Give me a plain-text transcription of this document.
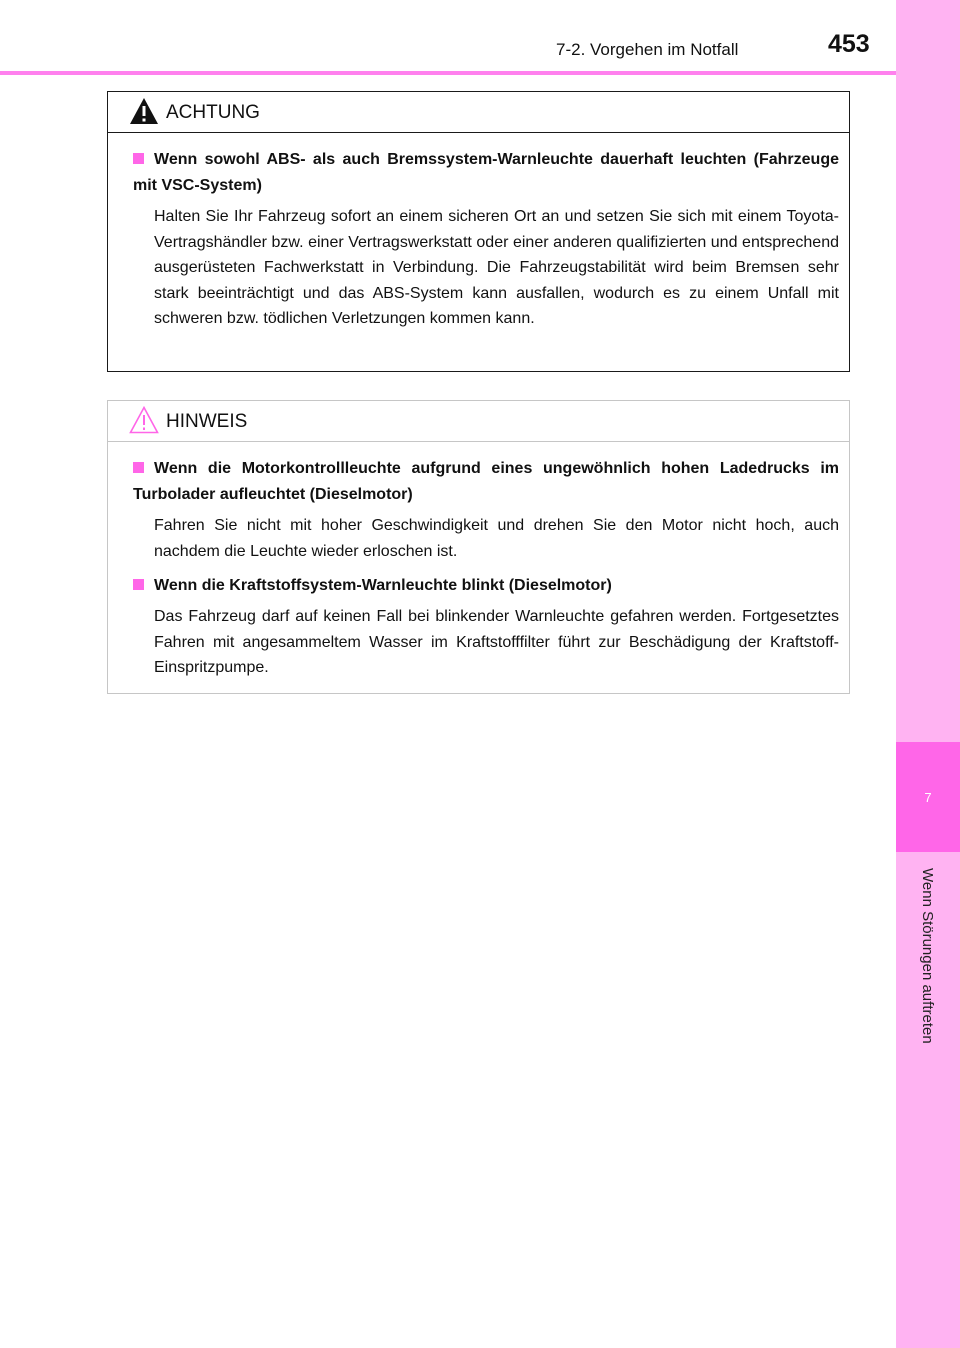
7
Wenn Störungen auftreten
7-2. Vorgehen im Notfall	453
ACHTUNG
Wenn sowohl ABS- als auch Bremssystem-Warnleuchte dauerhaft leuchten (Fahrzeuge mit VSC-System)
Halten Sie Ihr Fahrzeug sofort an einem sicheren Ort an und setzen Sie sich mit einem Toyota-Vertragshändler bzw. einer Vertragswerkstatt oder einer anderen qualifizierten und entsprechend ausgerüsteten Fachwerkstatt in Verbindung. Die Fahrzeugstabilität wird beim Bremsen sehr stark beeinträchtigt und das ABS-System kann ausfallen, wodurch es zu einem Unfall mit schweren bzw. tödlichen Verletzungen kommen kann.
HINWEIS
Wenn die Motorkontrollleuchte aufgrund eines ungewöhnlich hohen Ladedrucks im Turbolader aufleuchtet (Dieselmotor)
Fahren Sie nicht mit hoher Geschwindigkeit und drehen Sie den Motor nicht hoch, auch nachdem die Leuchte wieder erloschen ist.
Wenn die Kraftstoffsystem-Warnleuchte blinkt (Dieselmotor)
Das Fahrzeug darf auf keinen Fall bei blinkender Warnleuchte gefahren werden. Fortgesetztes Fahren mit angesammeltem Wasser im Kraftstofffilter führt zur Beschädigung der Kraftstoff-Einspritzpumpe.
